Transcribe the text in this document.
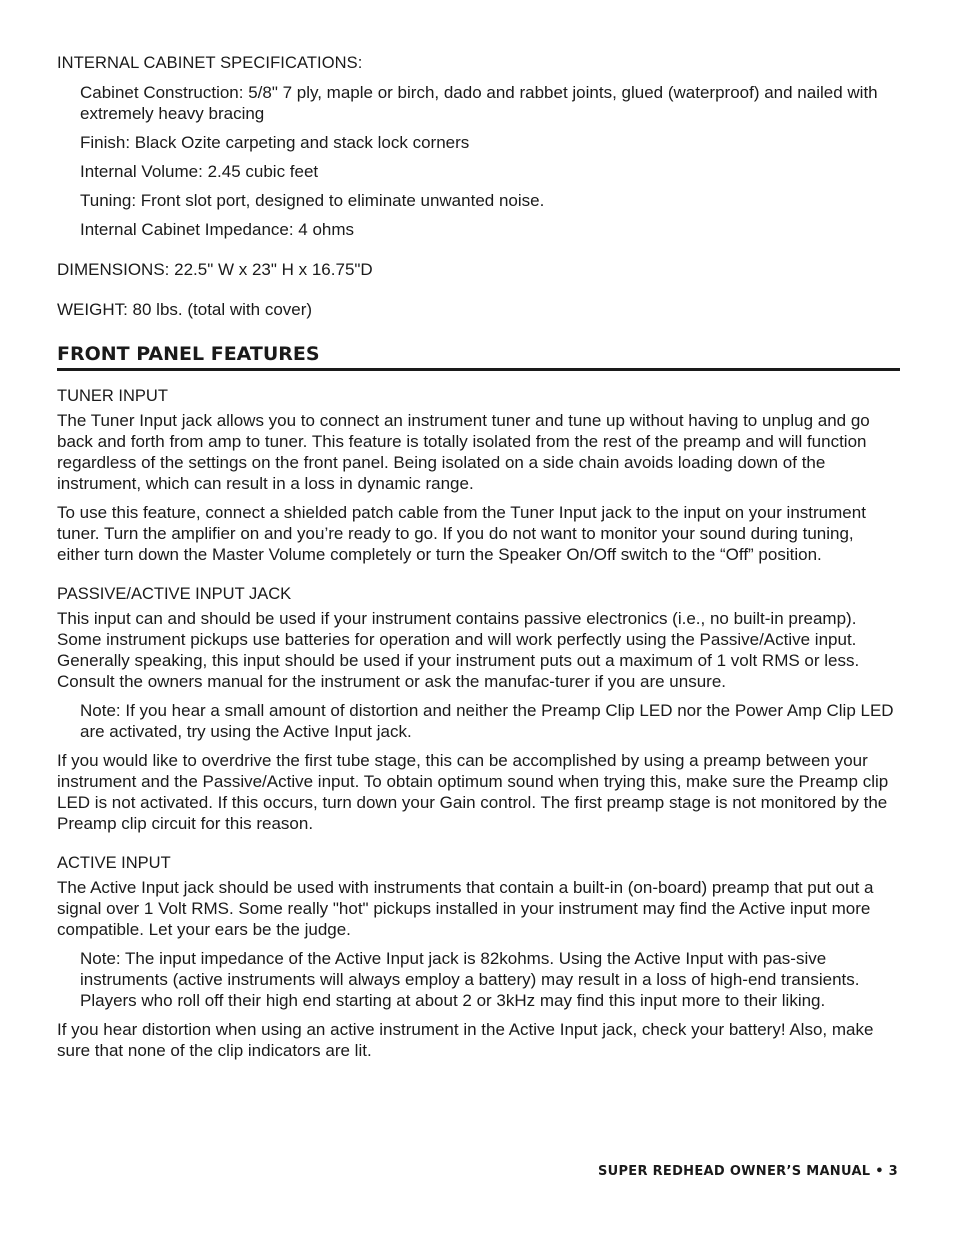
INTERNAL CABINET SPECIFICATIONS:

Cabinet Construction: 5/8" 7 ply, maple or birch, dado and rabbet joints, glued (waterproof) and nailed with extremely heavy bracing

Finish: Black Ozite carpeting and stack lock corners

Internal Volume: 2.45 cubic feet

Tuning: Front slot port, designed to eliminate unwanted noise.

Internal Cabinet Impedance: 4 ohms

DIMENSIONS: 22.5" W x 23" H x 16.75"D

WEIGHT: 80 lbs. (total with cover)

FRONT PANEL FEATURES

TUNER INPUT

The Tuner Input jack allows you to connect an instrument tuner and tune up without having to unplug and go back and forth from amp to tuner. This feature is totally isolated from the rest of the preamp and will function regardless of the settings on the front panel. Being isolated on a side chain avoids loading down of the instrument, which can result in a loss in dynamic range.

To use this feature, connect a shielded patch cable from the Tuner Input jack to the input on your instrument tuner. Turn the amplifier on and you’re ready to go. If you do not want to monitor your sound during tuning, either turn down the Master Volume completely or turn the Speaker On/Off switch to the “Off” position.

PASSIVE/ACTIVE INPUT JACK

This input can and should be used if your instrument contains passive electronics (i.e., no built-in preamp). Some instrument pickups use batteries for operation and will work perfectly using the Passive/Active input. Generally speaking, this input should be used if your instrument puts out a maximum of 1 volt RMS or less. Consult the owners manual for the instrument or ask the manufac-turer if you are unsure.

Note: If you hear a small amount of distortion and neither the Preamp Clip LED nor the Power Amp Clip LED are activated, try using the Active Input jack.

If you would like to overdrive the first tube stage, this can be accomplished by using a preamp between your instrument and the Passive/Active input. To obtain optimum sound when trying this, make sure the Preamp clip LED is not activated. If this occurs, turn down your Gain control. The first preamp stage is not monitored by the Preamp clip circuit for this reason.

ACTIVE INPUT

The Active Input jack should be used with instruments that contain a built-in (on-board) preamp that put out a signal over 1 Volt RMS. Some really "hot" pickups installed in your instrument may find the Active input more compatible. Let your ears be the judge.

Note: The input impedance of the Active Input jack is 82kohms. Using the Active Input with pas-sive instruments (active instruments will always employ a battery) may result in a loss of high-end transients. Players who roll off their high end starting at about 2 or 3kHz may find this input more to their liking.

If you hear distortion when using an active instrument in the Active Input jack, check your battery! Also, make sure that none of the clip indicators are lit.

SUPER REDHEAD OWNER’S MANUAL • 3
